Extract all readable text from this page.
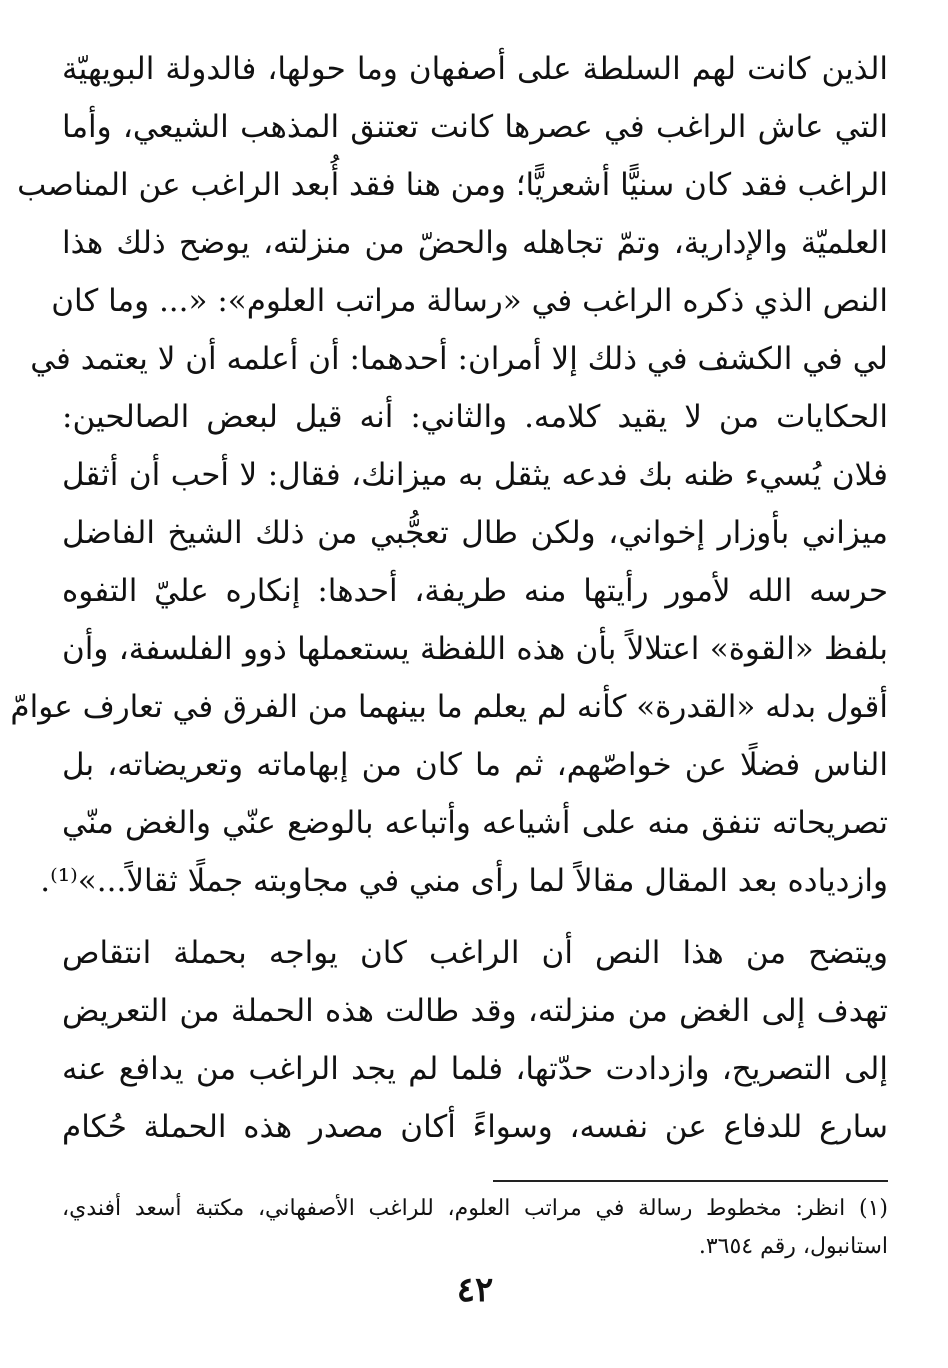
الذين كانت لهم السلطة على أصفهان وما حولها، فالدولة البويهيّة
التي عاش الراغب في عصرها كانت تعتنق المذهب الشيعي، وأما
الراغب فقد كان سنيًّا أشعريًّا؛ ومن هنا فقد أُبعد الراغب عن المناصب
العلميّة والإدارية، وتمّ تجاهله والحضّ من منزلته، يوضح ذلك هذا
النص الذي ذكره الراغب في «رسالة مراتب العلوم»: «... وما كان
لي في الكشف في ذلك إلا أمران: أحدهما: أن أعلمه أن لا يعتمد في
الحكايات من لا يقيد كلامه. والثاني: أنه قيل لبعض الصالحين:
فلان يُسيء ظنه بك فدعه يثقل به ميزانك، فقال: لا أحب أن أثقل
ميزاني بأوزار إخواني، ولكن طال تعجُّبي من ذلك الشيخ الفاضل
حرسه الله لأمور رأيتها منه طريفة، أحدها: إنكاره عليّ التفوه
بلفظ «القوة» اعتلالاً بأن هذه اللفظة يستعملها ذوو الفلسفة، وأن
أقول بدله «القدرة» كأنه لم يعلم ما بينهما من الفرق في تعارف عوامّ
الناس فضلًا عن خواصّهم، ثم ما كان من إبهاماته وتعريضاته، بل
تصريحاته تنفق منه على أشياعه وأتباعه بالوضع عنّي والغض منّي
وازدياده بعد المقال مقالاً لما رأى مني في مجاوبته جملًا ثقالاً...»⁽¹⁾.
ويتضح من هذا النص أن الراغب كان يواجه بحملة انتقاص
تهدف إلى الغض من منزلته، وقد طالت هذه الحملة من التعريض
إلى التصريح، وازدادت حدّتها، فلما لم يجد الراغب من يدافع عنه
سارع للدفاع عن نفسه، وسواءً أكان مصدر هذه الحملة حُكام
(١) انظر: مخطوط رسالة في مراتب العلوم، للراغب الأصفهاني، مكتبة أسعد أفندي،
استانبول، رقم ٣٦٥٤.
٤٢
